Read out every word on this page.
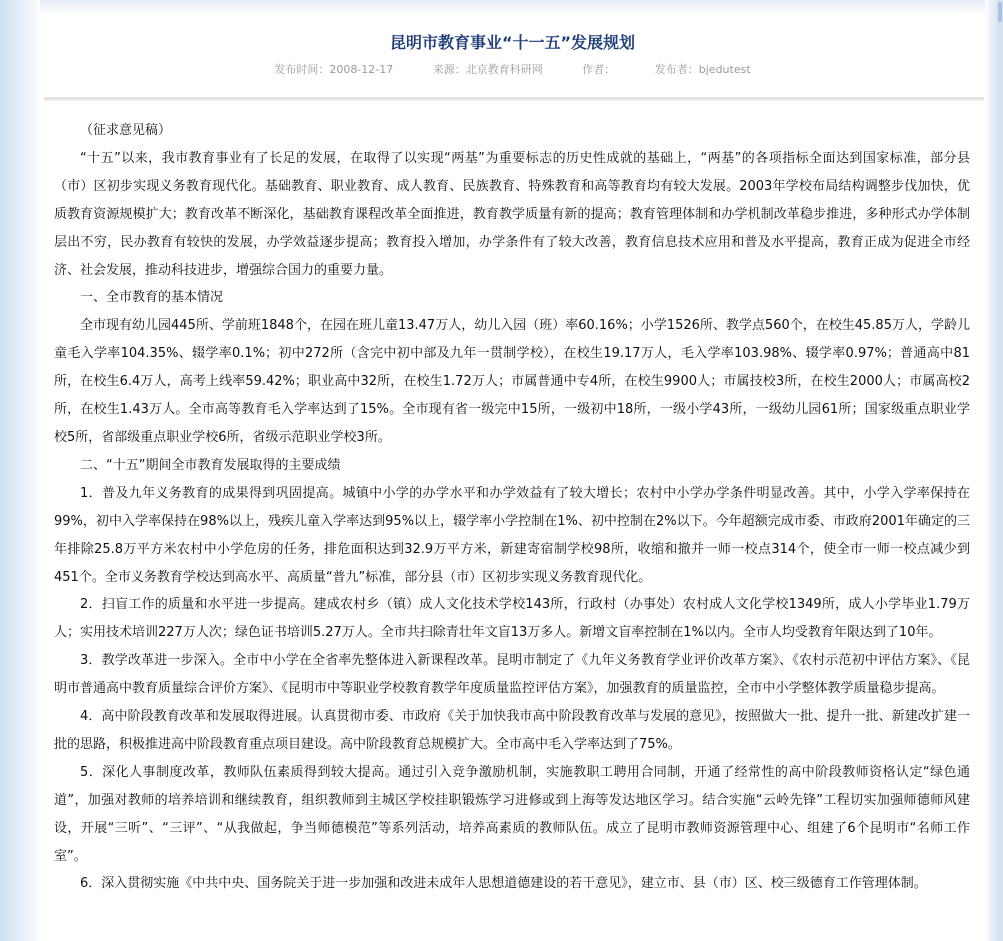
昆明市教育事业“十一五”发展规划
发布时间：2008-12-17	来源：北京教育科研网	作者：	发布者：bjedutest

（征求意见稿）

“十五”以来，我市教育事业有了长足的发展，在取得了以实现“两基”为重要标志的历史性成就的基础上，“两基”的各项指标全面达到国家标准，部分县（市）区初步实现义务教育现代化。基础教育、职业教育、成人教育、民族教育、特殊教育和高等教育均有较大发展。2003年学校布局结构调整步伐加快，优质教育资源规模扩大；教育改革不断深化，基础教育课程改革全面推进，教育教学质量有新的提高；教育管理体制和办学机制改革稳步推进，多种形式办学体制层出不穷，民办教育有较快的发展，办学效益逐步提高；教育投入增加，办学条件有了较大改善，教育信息技术应用和普及水平提高，教育正成为促进全市经济、社会发展，推动科技进步，增强综合国力的重要力量。

一、全市教育的基本情况

全市现有幼儿园445所、学前班1848个，在园在班儿童13.47万人，幼儿入园（班）率60.16%；小学1526所、教学点560个，在校生45.85万人，学龄儿童毛入学率104.35%、辍学率0.1%；初中272所（含完中初中部及九年一贯制学校），在校生19.17万人，毛入学率103.98%、辍学率0.97%；普通高中81所，在校生6.4万人，高考上线率59.42%；职业高中32所，在校生1.72万人；市属普通中专4所，在校生9900人；市属技校3所，在校生2000人；市属高校2所，在校生1.43万人。全市高等教育毛入学率达到了15%。全市现有省一级完中15所，一级初中18所，一级小学43所，一级幼儿园61所；国家级重点职业学校5所，省部级重点职业学校6所，省级示范职业学校3所。

二、“十五”期间全市教育发展取得的主要成绩

1．普及九年义务教育的成果得到巩固提高。城镇中小学的办学水平和办学效益有了较大增长；农村中小学办学条件明显改善。其中，小学入学率保持在99%，初中入学率保持在98%以上，残疾儿童入学率达到95%以上，辍学率小学控制在1%、初中控制在2%以下。今年超额完成市委、市政府2001年确定的三年排除25.8万平方米农村中小学危房的任务，排危面积达到32.9万平方米，新建寄宿制学校98所，收缩和撤并一师一校点314个，使全市一师一校点减少到451个。全市义务教育学校达到高水平、高质量“普九”标准，部分县（市）区初步实现义务教育现代化。

2．扫盲工作的质量和水平进一步提高。建成农村乡（镇）成人文化技术学校143所，行政村（办事处）农村成人文化学校1349所，成人小学毕业1.79万人；实用技术培训227万人次；绿色证书培训5.27万人。全市共扫除青壮年文盲13万多人。新增文盲率控制在1%以内。全市人均受教育年限达到了10年。

3．教学改革进一步深入。全市中小学在全省率先整体进入新课程改革。昆明市制定了《九年义务教育学业评价改革方案》、《农村示范初中评估方案》、《昆明市普通高中教育质量综合评价方案》、《昆明市中等职业学校教育教学年度质量监控评估方案》，加强教育的质量监控，全市中小学整体教学质量稳步提高。

4．高中阶段教育改革和发展取得进展。认真贯彻市委、市政府《关于加快我市高中阶段教育改革与发展的意见》，按照做大一批、提升一批、新建改扩建一批的思路，积极推进高中阶段教育重点项目建设。高中阶段教育总规模扩大。全市高中毛入学率达到了75%。

5．深化人事制度改革，教师队伍素质得到较大提高。通过引入竞争激励机制，实施教职工聘用合同制，开通了经常性的高中阶段教师资格认定“绿色通道”，加强对教师的培养培训和继续教育，组织教师到主城区学校挂职锻炼学习进修或到上海等发达地区学习。结合实施“云岭先锋”工程切实加强师德师风建设，开展“三听”、“三评”、“从我做起，争当师德模范”等系列活动，培养高素质的教师队伍。成立了昆明市教师资源管理中心、组建了6个昆明市“名师工作室”。

6．深入贯彻实施《中共中央、国务院关于进一步加强和改进未成年人思想道德建设的若干意见》，建立市、县（市）区、校三级德育工作管理体制。
